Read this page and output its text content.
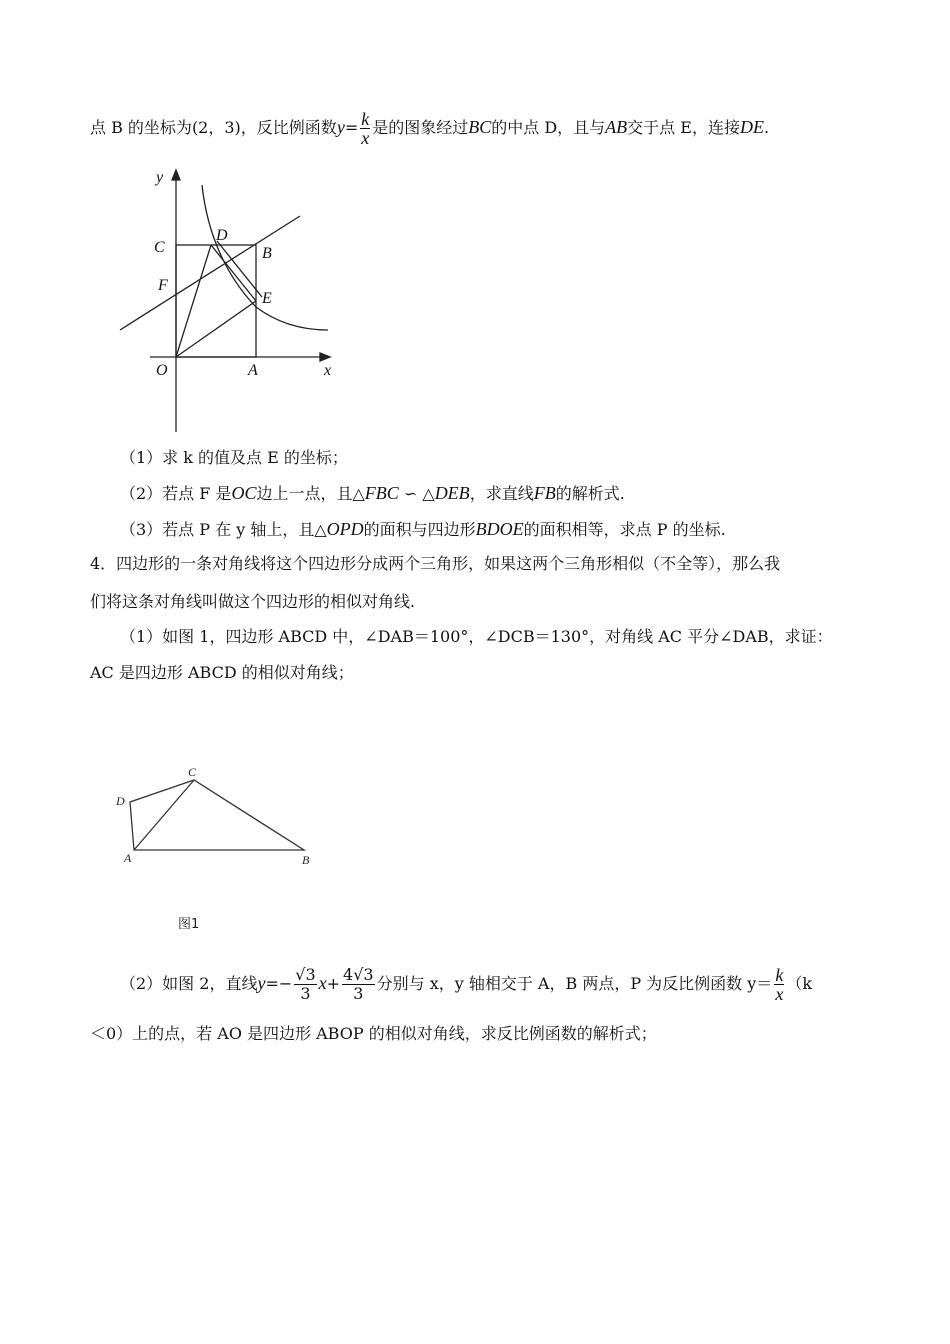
点 B 的坐标为(2，3)，反比例函数$y= \frac{k}{x}$ 是的图象经过BC的中点 D，且与AB交于点 E，连接DE.
y
C
D
B
F
E
O	A	x
（1）求 k 的值及点 E 的坐标；
（2）若点 F 是OC边上一点，且△FBC ∽ △DEB，求直线FB的解析式.
（3）若点 P 在 y 轴上，且△OPD的面积与四边形BDOE的面积相等，求点 P 的坐标.
4．四边形的一条对角线将这个四边形分成两个三角形，如果这两个三角形相似（不全等），那么我
们将这条对角线叫做这个四边形的相似对角线.
（1）如图 1，四边形 ABCD 中，∠DAB＝100°，∠DCB＝130°，对角线 AC 平分∠DAB，求证：
AC 是四边形 ABCD 的相似对角线；
C
D
A	B
图1
（2）如图 2，直线$y=- \frac{√3}{3} x+ \frac{4√3}{3}$ 分别与 x，y 轴相交于 A，B 两点，P 为反比例函数 $y= \frac{k}{x} (k$
＜0）上的点，若 AO 是四边形 ABOP 的相似对角线，求反比例函数的解析式；
